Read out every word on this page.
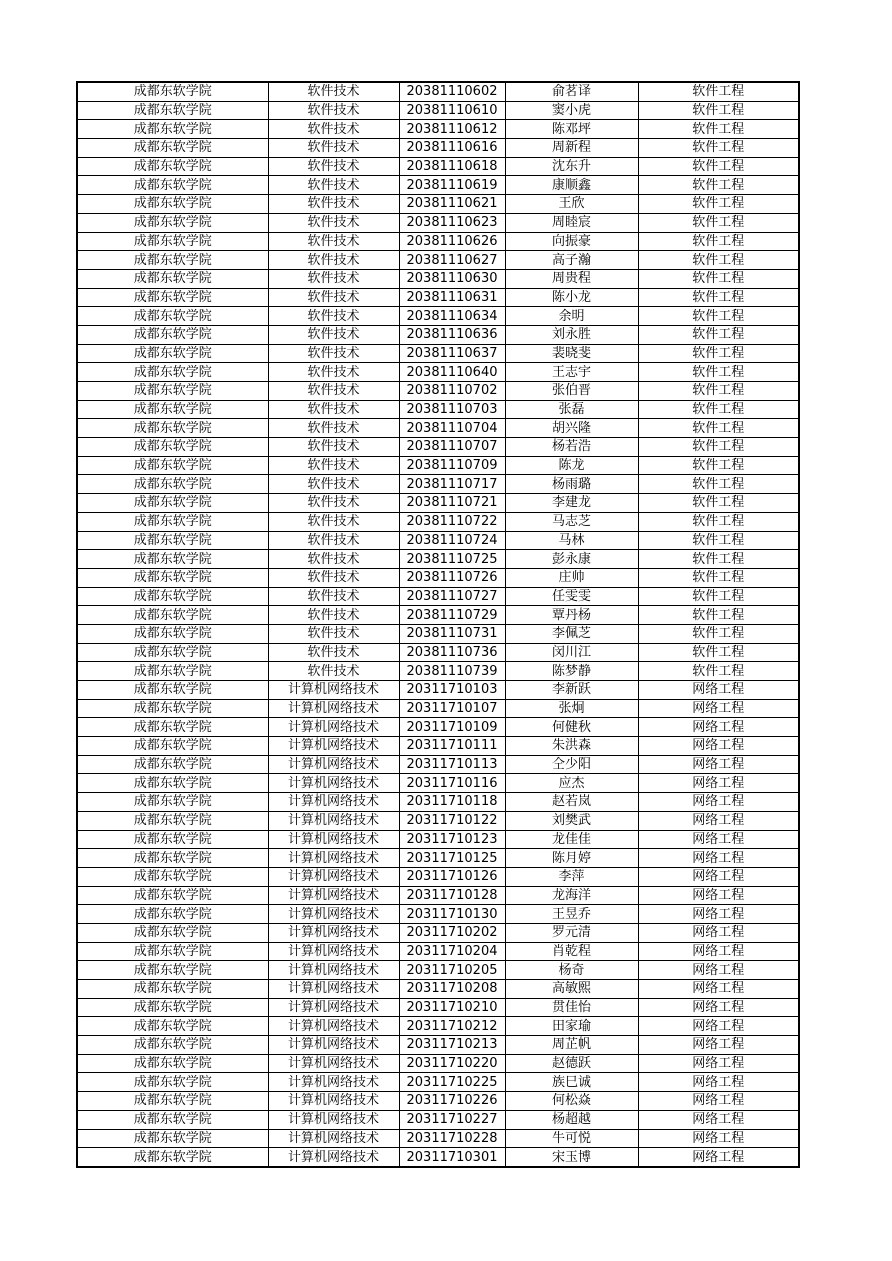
成都东软学院	软件技术	20381110602	俞茗译	软件工程
成都东软学院	软件技术	20381110610	窦小虎	软件工程
成都东软学院	软件技术	20381110612	陈邓坪	软件工程
成都东软学院	软件技术	20381110616	周新程	软件工程
成都东软学院	软件技术	20381110618	沈东升	软件工程
成都东软学院	软件技术	20381110619	康顺鑫	软件工程
成都东软学院	软件技术	20381110621	王欣	软件工程
成都东软学院	软件技术	20381110623	周睦宸	软件工程
成都东软学院	软件技术	20381110626	向振豪	软件工程
成都东软学院	软件技术	20381110627	高子瀚	软件工程
成都东软学院	软件技术	20381110630	周贵程	软件工程
成都东软学院	软件技术	20381110631	陈小龙	软件工程
成都东软学院	软件技术	20381110634	余明	软件工程
成都东软学院	软件技术	20381110636	刘永胜	软件工程
成都东软学院	软件技术	20381110637	裴晓斐	软件工程
成都东软学院	软件技术	20381110640	王志宇	软件工程
成都东软学院	软件技术	20381110702	张伯晋	软件工程
成都东软学院	软件技术	20381110703	张磊	软件工程
成都东软学院	软件技术	20381110704	胡兴隆	软件工程
成都东软学院	软件技术	20381110707	杨若浩	软件工程
成都东软学院	软件技术	20381110709	陈龙	软件工程
成都东软学院	软件技术	20381110717	杨雨璐	软件工程
成都东软学院	软件技术	20381110721	李建龙	软件工程
成都东软学院	软件技术	20381110722	马志芝	软件工程
成都东软学院	软件技术	20381110724	马林	软件工程
成都东软学院	软件技术	20381110725	彭永康	软件工程
成都东软学院	软件技术	20381110726	庄帅	软件工程
成都东软学院	软件技术	20381110727	任雯雯	软件工程
成都东软学院	软件技术	20381110729	覃丹杨	软件工程
成都东软学院	软件技术	20381110731	李佩芝	软件工程
成都东软学院	软件技术	20381110736	闵川江	软件工程
成都东软学院	软件技术	20381110739	陈梦静	软件工程
成都东软学院	计算机网络技术	20311710103	李新跃	网络工程
成都东软学院	计算机网络技术	20311710107	张炯	网络工程
成都东软学院	计算机网络技术	20311710109	何健秋	网络工程
成都东软学院	计算机网络技术	20311710111	朱洪森	网络工程
成都东软学院	计算机网络技术	20311710113	仝少阳	网络工程
成都东软学院	计算机网络技术	20311710116	应杰	网络工程
成都东软学院	计算机网络技术	20311710118	赵若岚	网络工程
成都东软学院	计算机网络技术	20311710122	刘樊武	网络工程
成都东软学院	计算机网络技术	20311710123	龙佳佳	网络工程
成都东软学院	计算机网络技术	20311710125	陈月婷	网络工程
成都东软学院	计算机网络技术	20311710126	李萍	网络工程
成都东软学院	计算机网络技术	20311710128	龙海洋	网络工程
成都东软学院	计算机网络技术	20311710130	王昱乔	网络工程
成都东软学院	计算机网络技术	20311710202	罗元清	网络工程
成都东软学院	计算机网络技术	20311710204	肖乾程	网络工程
成都东软学院	计算机网络技术	20311710205	杨奇	网络工程
成都东软学院	计算机网络技术	20311710208	高敏熙	网络工程
成都东软学院	计算机网络技术	20311710210	贯佳怡	网络工程
成都东软学院	计算机网络技术	20311710212	田家瑜	网络工程
成都东软学院	计算机网络技术	20311710213	周芷帆	网络工程
成都东软学院	计算机网络技术	20311710220	赵德跃	网络工程
成都东软学院	计算机网络技术	20311710225	族巳诚	网络工程
成都东软学院	计算机网络技术	20311710226	何松焱	网络工程
成都东软学院	计算机网络技术	20311710227	杨超越	网络工程
成都东软学院	计算机网络技术	20311710228	牛可悦	网络工程
成都东软学院	计算机网络技术	20311710301	宋玉博	网络工程
